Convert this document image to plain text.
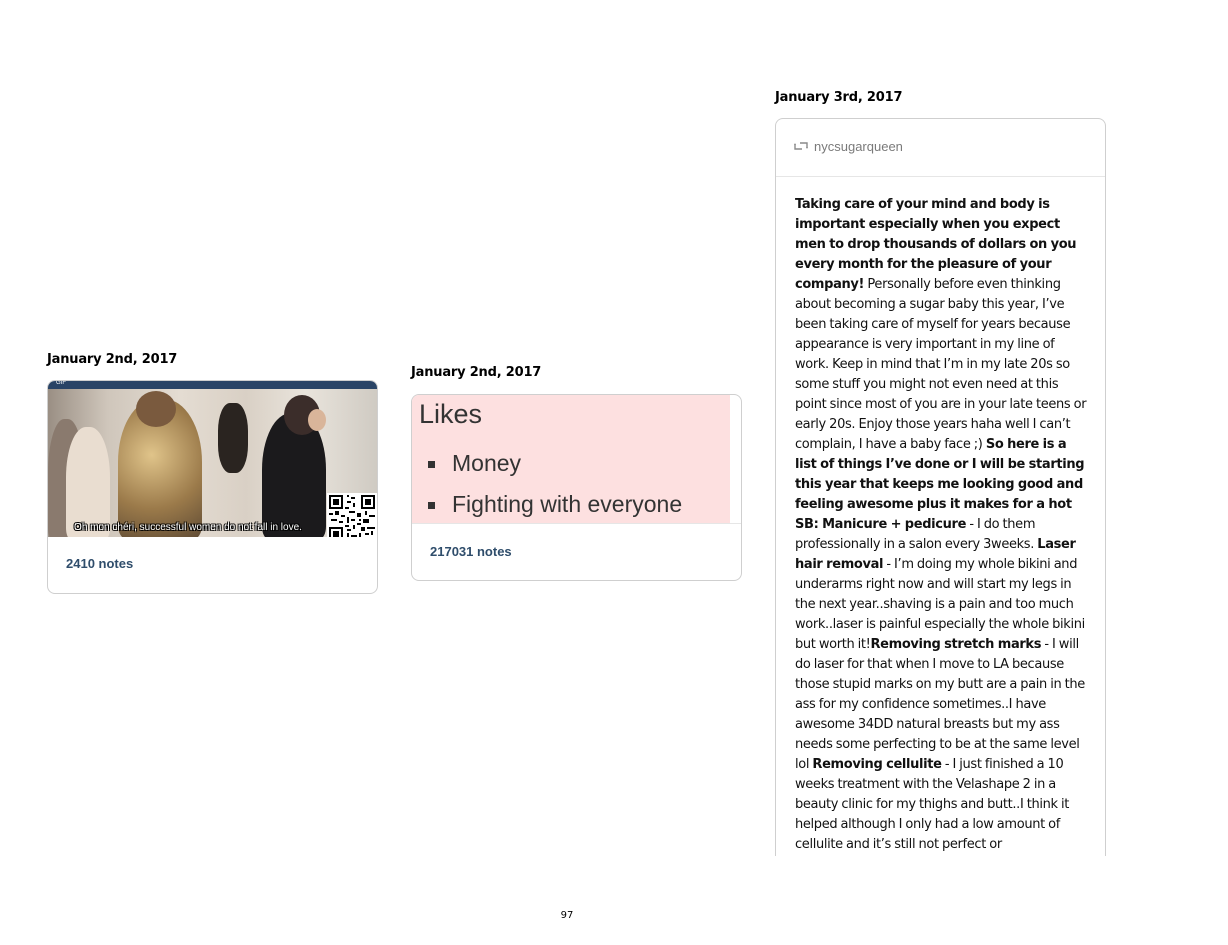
January 2nd, 2017
GIF
Oh mon chéri, successful women do not fall in love.
2410 notes
January 2nd, 2017
Likes
Money
Fighting with everyone
217031 notes
January 3rd, 2017
nycsugarqueen
Taking care of your mind and body is important especially when you expect men to drop thousands of dollars on you every month for the pleasure of your company! Personally before even thinking about becoming a sugar baby this year, I’ve been taking care of myself for years because appearance is very important in my line of work. Keep in mind that I’m in my late 20s so some stuff you might not even need at this point since most of you are in your late teens or early 20s. Enjoy those years haha well I can’t complain, I have a baby face ;) So here is a list of things I’ve done or I will be starting this year that keeps me looking good and feeling awesome plus it makes for a hot SB: Manicure + pedicure - I do them professionally in a salon every 3weeks. Laser hair removal - I’m doing my whole bikini and underarms right now and will start my legs in the next year..shaving is a pain and too much work..laser is painful especially the whole bikini but worth it!Removing stretch marks - I will do laser for that when I move to LA because those stupid marks on my butt are a pain in the ass for my confidence sometimes..I have awesome 34DD natural breasts but my ass needs some perfecting to be at the same level lol Removing cellulite - I just finished a 10 weeks treatment with the Velashape 2 in a beauty clinic for my thighs and butt..I think it helped although I only had a low amount of cellulite and it’s still not perfect or
97
